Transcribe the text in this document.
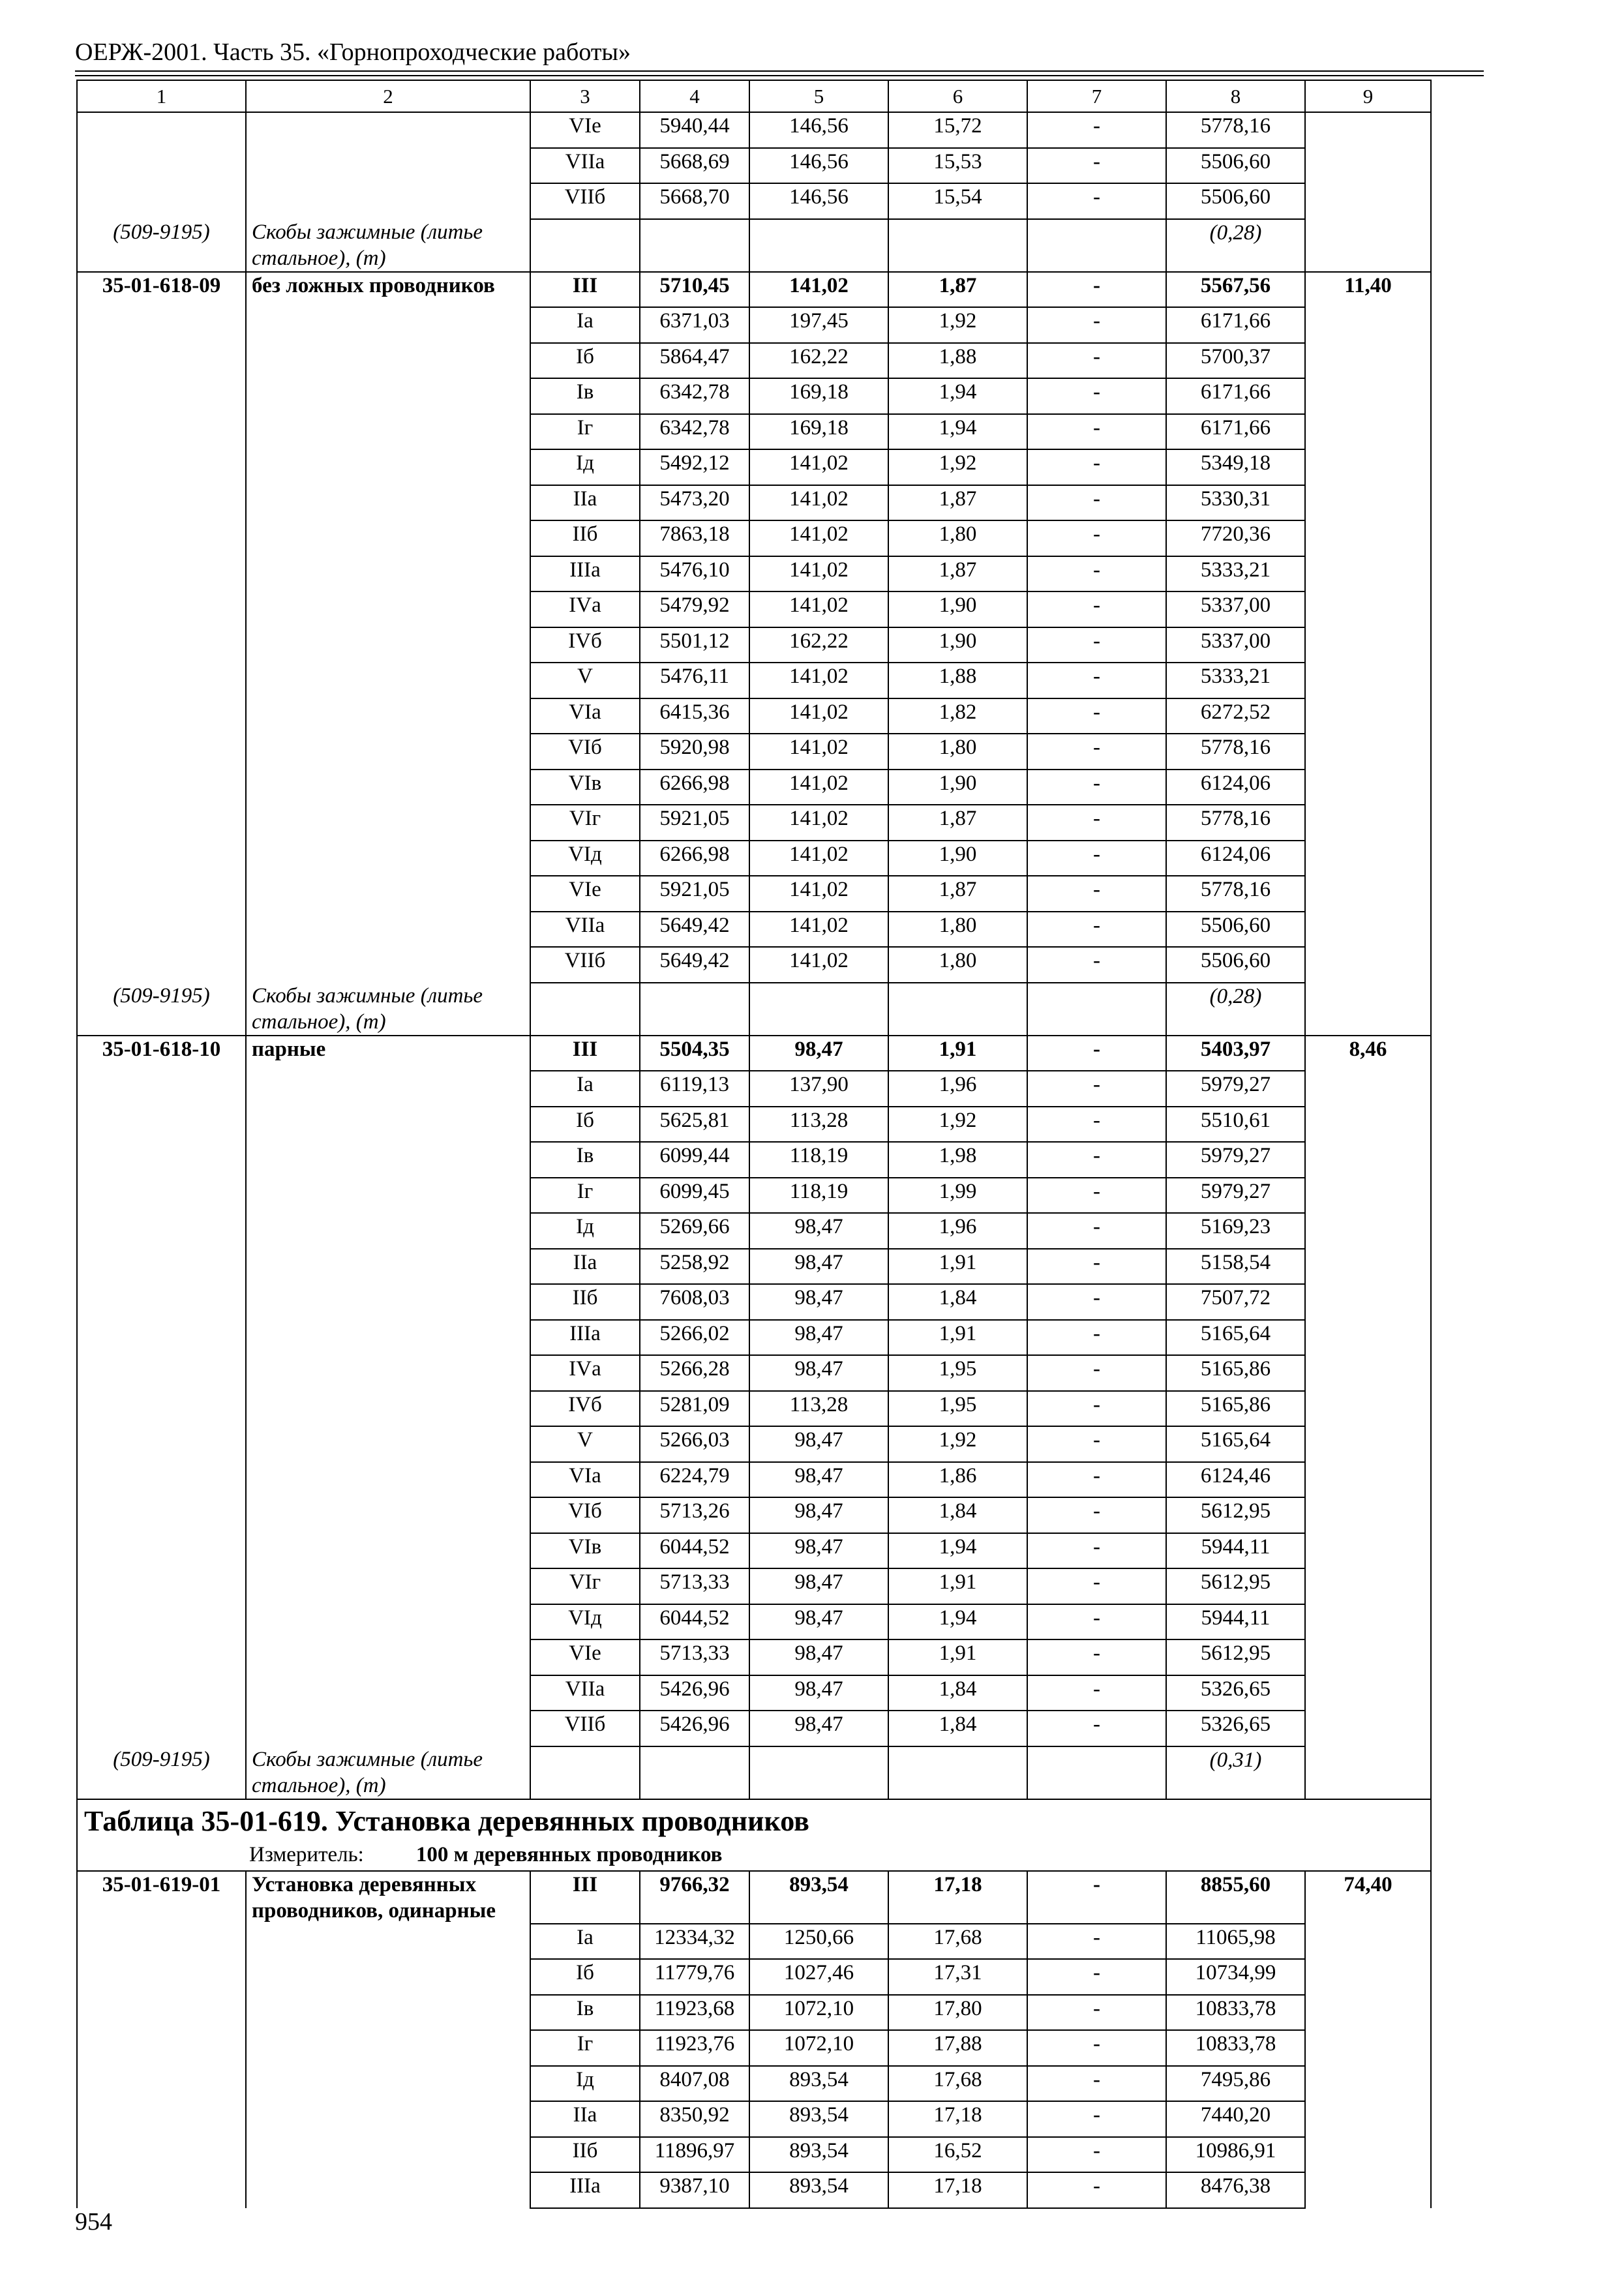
ОЕРЖ-2001. Часть 35. «Горнопроходческие работы»
1	2	3	4	5	6	7	8	9
		VIе	5940,44	146,56	15,72	-	5778,16	
		VIIа	5668,69	146,56	15,53	-	5506,60	
		VIIб	5668,70	146,56	15,54	-	5506,60	
(509-9195)	Скобы зажимные (литье стальное), (т)						(0,28)	
35-01-618-09	без ложных проводников	III	5710,45	141,02	1,87	-	5567,56	11,40
		Iа	6371,03	197,45	1,92	-	6171,66	
		Iб	5864,47	162,22	1,88	-	5700,37	
		Iв	6342,78	169,18	1,94	-	6171,66	
		Iг	6342,78	169,18	1,94	-	6171,66	
		Iд	5492,12	141,02	1,92	-	5349,18	
		IIа	5473,20	141,02	1,87	-	5330,31	
		IIб	7863,18	141,02	1,80	-	7720,36	
		IIIа	5476,10	141,02	1,87	-	5333,21	
		IVа	5479,92	141,02	1,90	-	5337,00	
		IVб	5501,12	162,22	1,90	-	5337,00	
		V	5476,11	141,02	1,88	-	5333,21	
		VIа	6415,36	141,02	1,82	-	6272,52	
		VIб	5920,98	141,02	1,80	-	5778,16	
		VIв	6266,98	141,02	1,90	-	6124,06	
		VIг	5921,05	141,02	1,87	-	5778,16	
		VIд	6266,98	141,02	1,90	-	6124,06	
		VIе	5921,05	141,02	1,87	-	5778,16	
		VIIа	5649,42	141,02	1,80	-	5506,60	
		VIIб	5649,42	141,02	1,80	-	5506,60	
(509-9195)	Скобы зажимные (литье стальное), (т)						(0,28)	
35-01-618-10	парные	III	5504,35	98,47	1,91	-	5403,97	8,46
		Iа	6119,13	137,90	1,96	-	5979,27	
		Iб	5625,81	113,28	1,92	-	5510,61	
		Iв	6099,44	118,19	1,98	-	5979,27	
		Iг	6099,45	118,19	1,99	-	5979,27	
		Iд	5269,66	98,47	1,96	-	5169,23	
		IIа	5258,92	98,47	1,91	-	5158,54	
		IIб	7608,03	98,47	1,84	-	7507,72	
		IIIа	5266,02	98,47	1,91	-	5165,64	
		IVа	5266,28	98,47	1,95	-	5165,86	
		IVб	5281,09	113,28	1,95	-	5165,86	
		V	5266,03	98,47	1,92	-	5165,64	
		VIа	6224,79	98,47	1,86	-	6124,46	
		VIб	5713,26	98,47	1,84	-	5612,95	
		VIв	6044,52	98,47	1,94	-	5944,11	
		VIг	5713,33	98,47	1,91	-	5612,95	
		VIд	6044,52	98,47	1,94	-	5944,11	
		VIе	5713,33	98,47	1,91	-	5612,95	
		VIIа	5426,96	98,47	1,84	-	5326,65	
		VIIб	5426,96	98,47	1,84	-	5326,65	
(509-9195)	Скобы зажимные (литье стальное), (т)						(0,31)	
Таблица 35-01-619. Установка деревянных проводников								
Измеритель: 100 м деревянных проводников								
35-01-619-01	Установка деревянных проводников, одинарные	III	9766,32	893,54	17,18	-	8855,60	74,40
		Iа	12334,32	1250,66	17,68	-	11065,98	
		Iб	11779,76	1027,46	17,31	-	10734,99	
		Iв	11923,68	1072,10	17,80	-	10833,78	
		Iг	11923,76	1072,10	17,88	-	10833,78	
		Iд	8407,08	893,54	17,68	-	7495,86	
		IIа	8350,92	893,54	17,18	-	7440,20	
		IIб	11896,97	893,54	16,52	-	10986,91	
		IIIа	9387,10	893,54	17,18	-	8476,38	
954
